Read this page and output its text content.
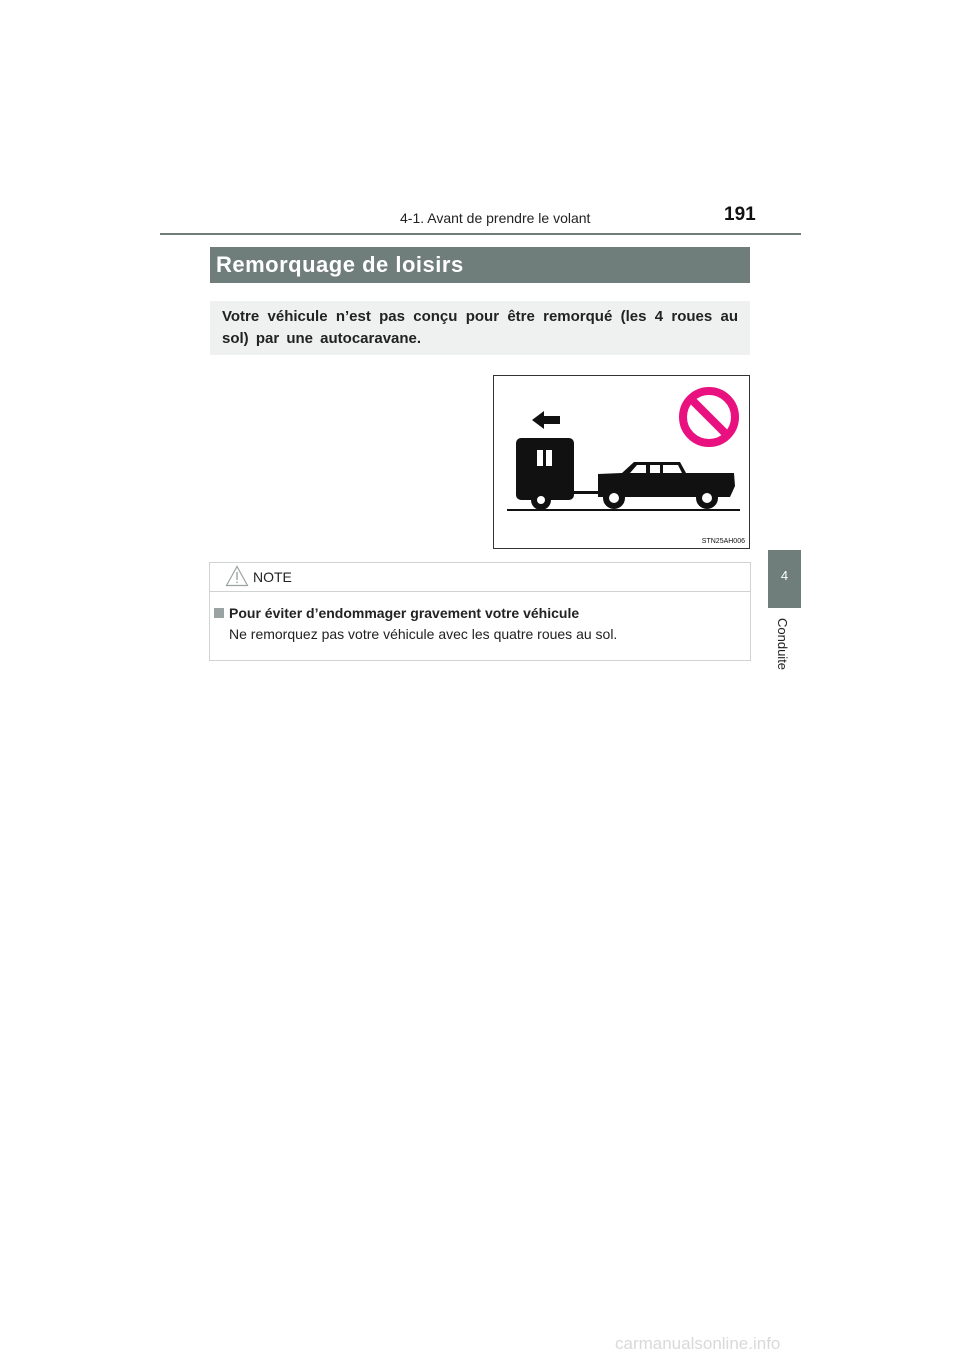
4-1. Avant de prendre le volant	191
Remorquage de loisirs
Votre véhicule n’est pas conçu pour être remorqué (les 4 roues au sol) par une autocaravane.
STN25AH006
NOTE
Pour éviter d’endommager gravement votre véhicule
Ne remorquez pas votre véhicule avec les quatre roues au sol.
4
Conduite
carmanualsonline.info
